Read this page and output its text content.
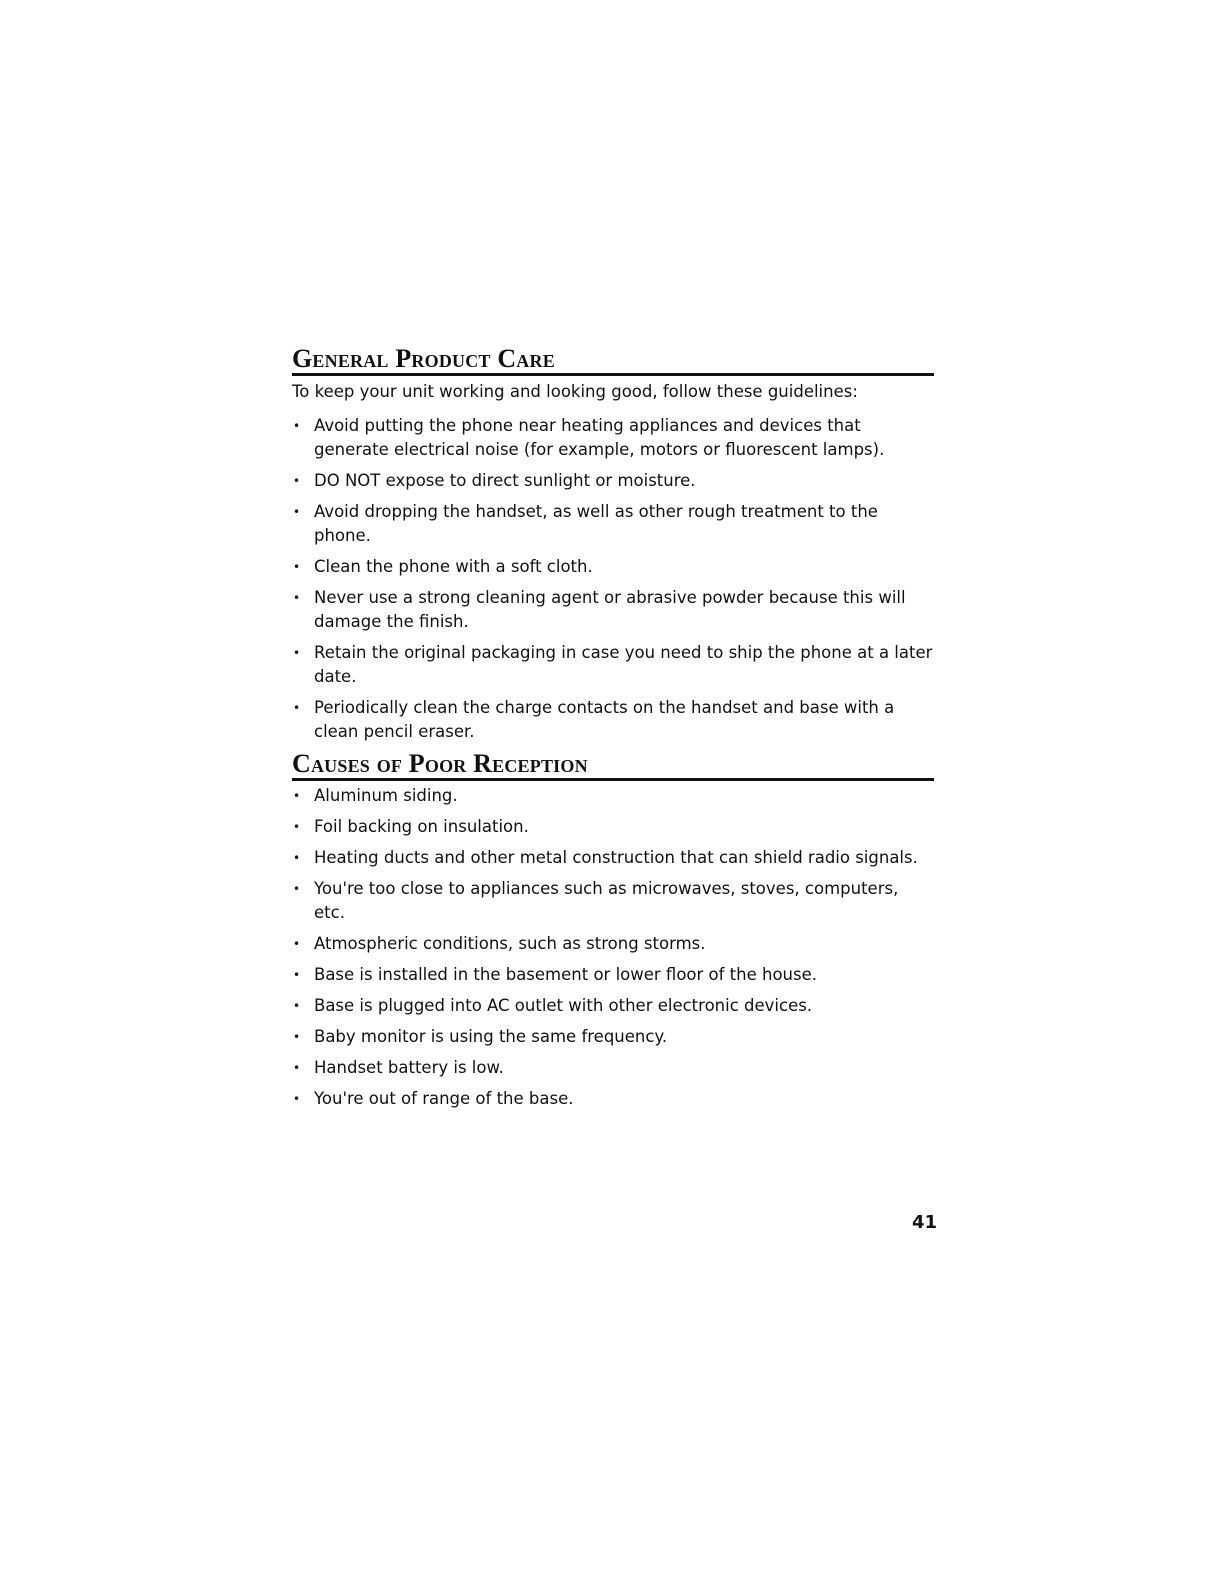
General Product Care

To keep your unit working and looking good, follow these guidelines:

• Avoid putting the phone near heating appliances and devices that generate electrical noise (for example, motors or fluorescent lamps).
• DO NOT expose to direct sunlight or moisture.
• Avoid dropping the handset, as well as other rough treatment to the phone.
• Clean the phone with a soft cloth.
• Never use a strong cleaning agent or abrasive powder because this will damage the finish.
• Retain the original packaging in case you need to ship the phone at a later date.
• Periodically clean the charge contacts on the handset and base with a clean pencil eraser.
Causes of Poor Reception
• Aluminum siding.
• Foil backing on insulation.
• Heating ducts and other metal construction that can shield radio signals.
• You're too close to appliances such as microwaves, stoves, computers, etc.
• Atmospheric conditions, such as strong storms.
• Base is installed in the basement or lower floor of the house.
• Base is plugged into AC outlet with other electronic devices.
• Baby monitor is using the same frequency.
• Handset battery is low.
• You're out of range of the base.
41
